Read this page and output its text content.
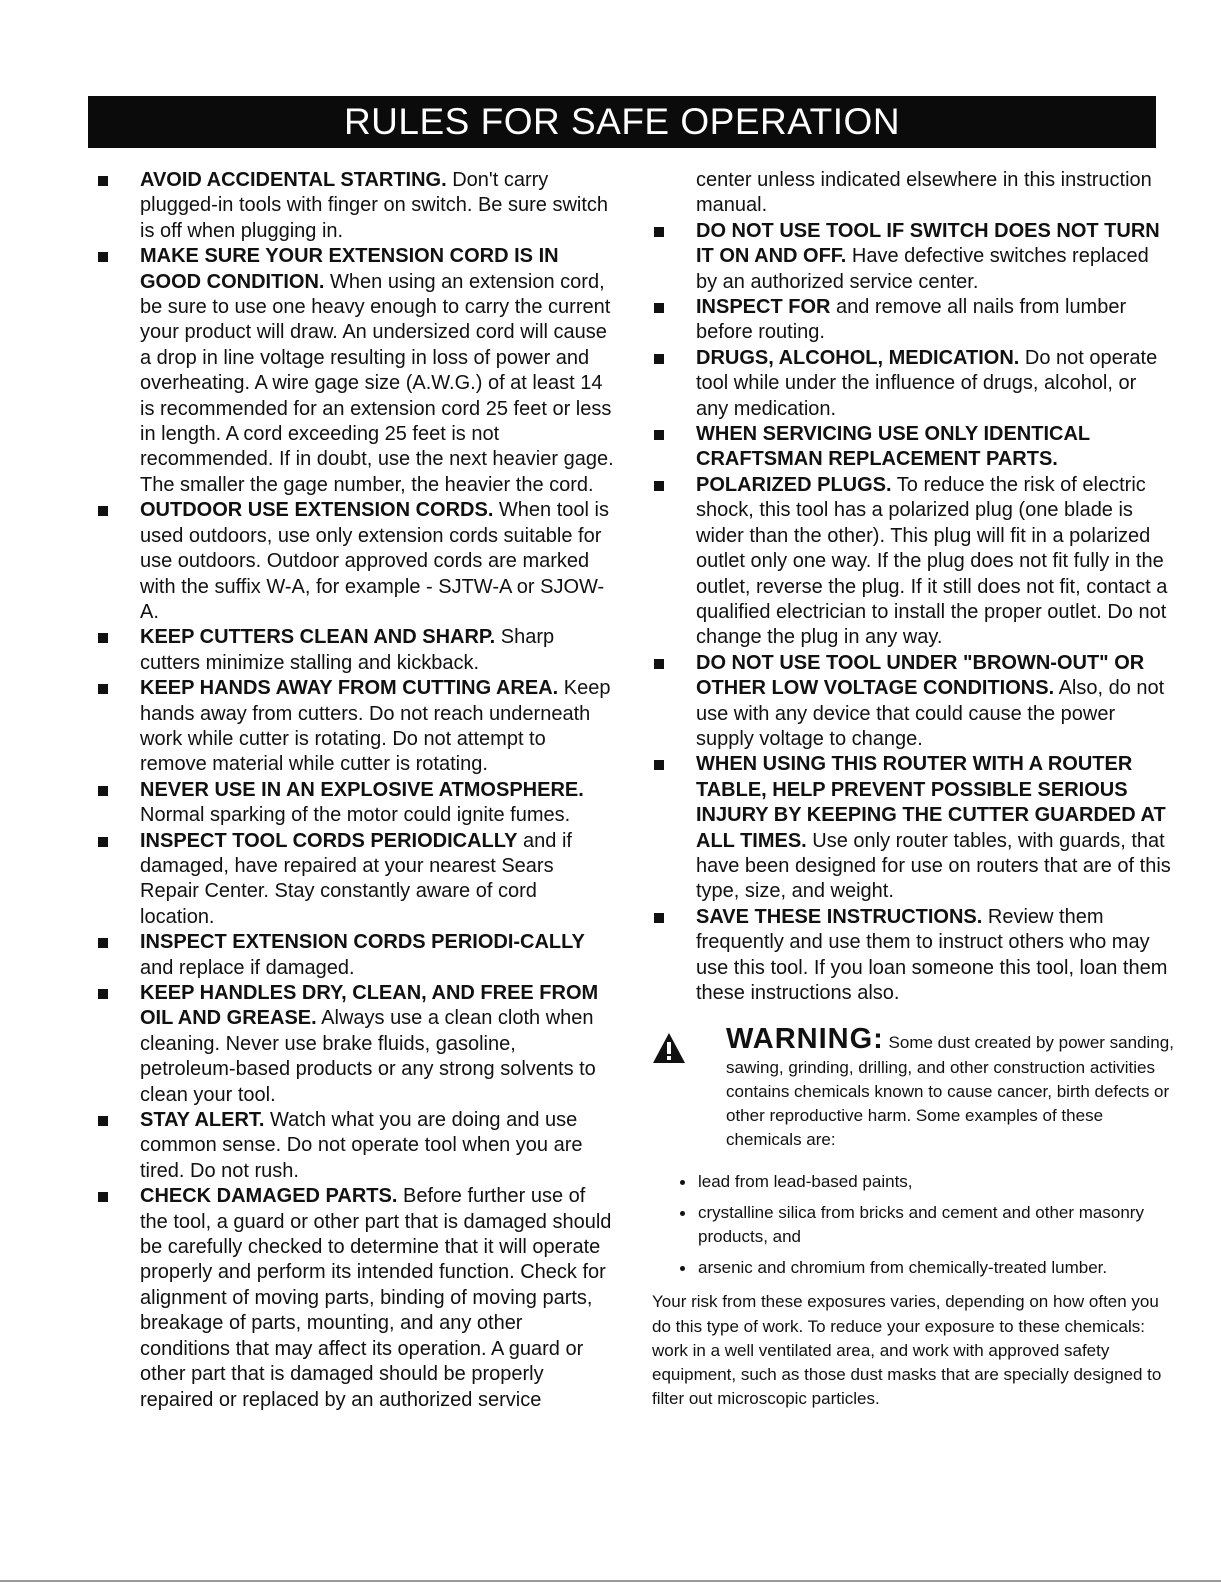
RULES FOR SAFE OPERATION
AVOID ACCIDENTAL STARTING. Don't carry plugged-in tools with finger on switch. Be sure switch is off when plugging in.
MAKE SURE YOUR EXTENSION CORD IS IN GOOD CONDITION. When using an extension cord, be sure to use one heavy enough to carry the current your product will draw. An undersized cord will cause a drop in line voltage resulting in loss of power and overheating. A wire gage size (A.W.G.) of at least 14 is recommended for an extension cord 25 feet or less in length. A cord exceeding 25 feet is not recommended. If in doubt, use the next heavier gage. The smaller the gage number, the heavier the cord.
OUTDOOR USE EXTENSION CORDS. When tool is used outdoors, use only extension cords suitable for use outdoors. Outdoor approved cords are marked with the suffix W-A, for example - SJTW-A or SJOW-A.
KEEP CUTTERS CLEAN AND SHARP. Sharp cutters minimize stalling and kickback.
KEEP HANDS AWAY FROM CUTTING AREA. Keep hands away from cutters. Do not reach underneath work while cutter is rotating. Do not attempt to remove material while cutter is rotating.
NEVER USE IN AN EXPLOSIVE ATMOSPHERE. Normal sparking of the motor could ignite fumes.
INSPECT TOOL CORDS PERIODICALLY and if damaged, have repaired at your nearest Sears Repair Center. Stay constantly aware of cord location.
INSPECT EXTENSION CORDS PERIODI-CALLY and replace if damaged.
KEEP HANDLES DRY, CLEAN, AND FREE FROM OIL AND GREASE. Always use a clean cloth when cleaning. Never use brake fluids, gasoline, petroleum-based products or any strong solvents to clean your tool.
STAY ALERT. Watch what you are doing and use common sense. Do not operate tool when you are tired. Do not rush.
CHECK DAMAGED PARTS. Before further use of the tool, a guard or other part that is damaged should be carefully checked to determine that it will operate properly and perform its intended function. Check for alignment of moving parts, binding of moving parts, breakage of parts, mounting, and any other conditions that may affect its operation. A guard or other part that is damaged should be properly repaired or replaced by an authorized service
center unless indicated elsewhere in this instruction manual.
DO NOT USE TOOL IF SWITCH DOES NOT TURN IT ON AND OFF. Have defective switches replaced by an authorized service center.
INSPECT FOR and remove all nails from lumber before routing.
DRUGS, ALCOHOL, MEDICATION. Do not operate tool while under the influence of drugs, alcohol, or any medication.
WHEN SERVICING USE ONLY IDENTICAL CRAFTSMAN REPLACEMENT PARTS.
POLARIZED PLUGS. To reduce the risk of electric shock, this tool has a polarized plug (one blade is wider than the other). This plug will fit in a polarized outlet only one way. If the plug does not fit fully in the outlet, reverse the plug. If it still does not fit, contact a qualified electrician to install the proper outlet. Do not change the plug in any way.
DO NOT USE TOOL UNDER "BROWN-OUT" OR OTHER LOW VOLTAGE CONDITIONS. Also, do not use with any device that could cause the power supply voltage to change.
WHEN USING THIS ROUTER WITH A ROUTER TABLE, HELP PREVENT POSSIBLE SERIOUS INJURY BY KEEPING THE CUTTER GUARDED AT ALL TIMES. Use only router tables, with guards, that have been designed for use on routers that are of this type, size, and weight.
SAVE THESE INSTRUCTIONS. Review them frequently and use them to instruct others who may use this tool. If you loan someone this tool, loan them these instructions also.
WARNING: Some dust created by power sanding, sawing, grinding, drilling, and other construction activities contains chemicals known to cause cancer, birth defects or other reproductive harm. Some examples of these chemicals are:
lead from lead-based paints,
crystalline silica from bricks and cement and other masonry products, and
arsenic and chromium from chemically-treated lumber.
Your risk from these exposures varies, depending on how often you do this type of work. To reduce your exposure to these chemicals: work in a well ventilated area, and work with approved safety equipment, such as those dust masks that are specially designed to filter out microscopic particles.
